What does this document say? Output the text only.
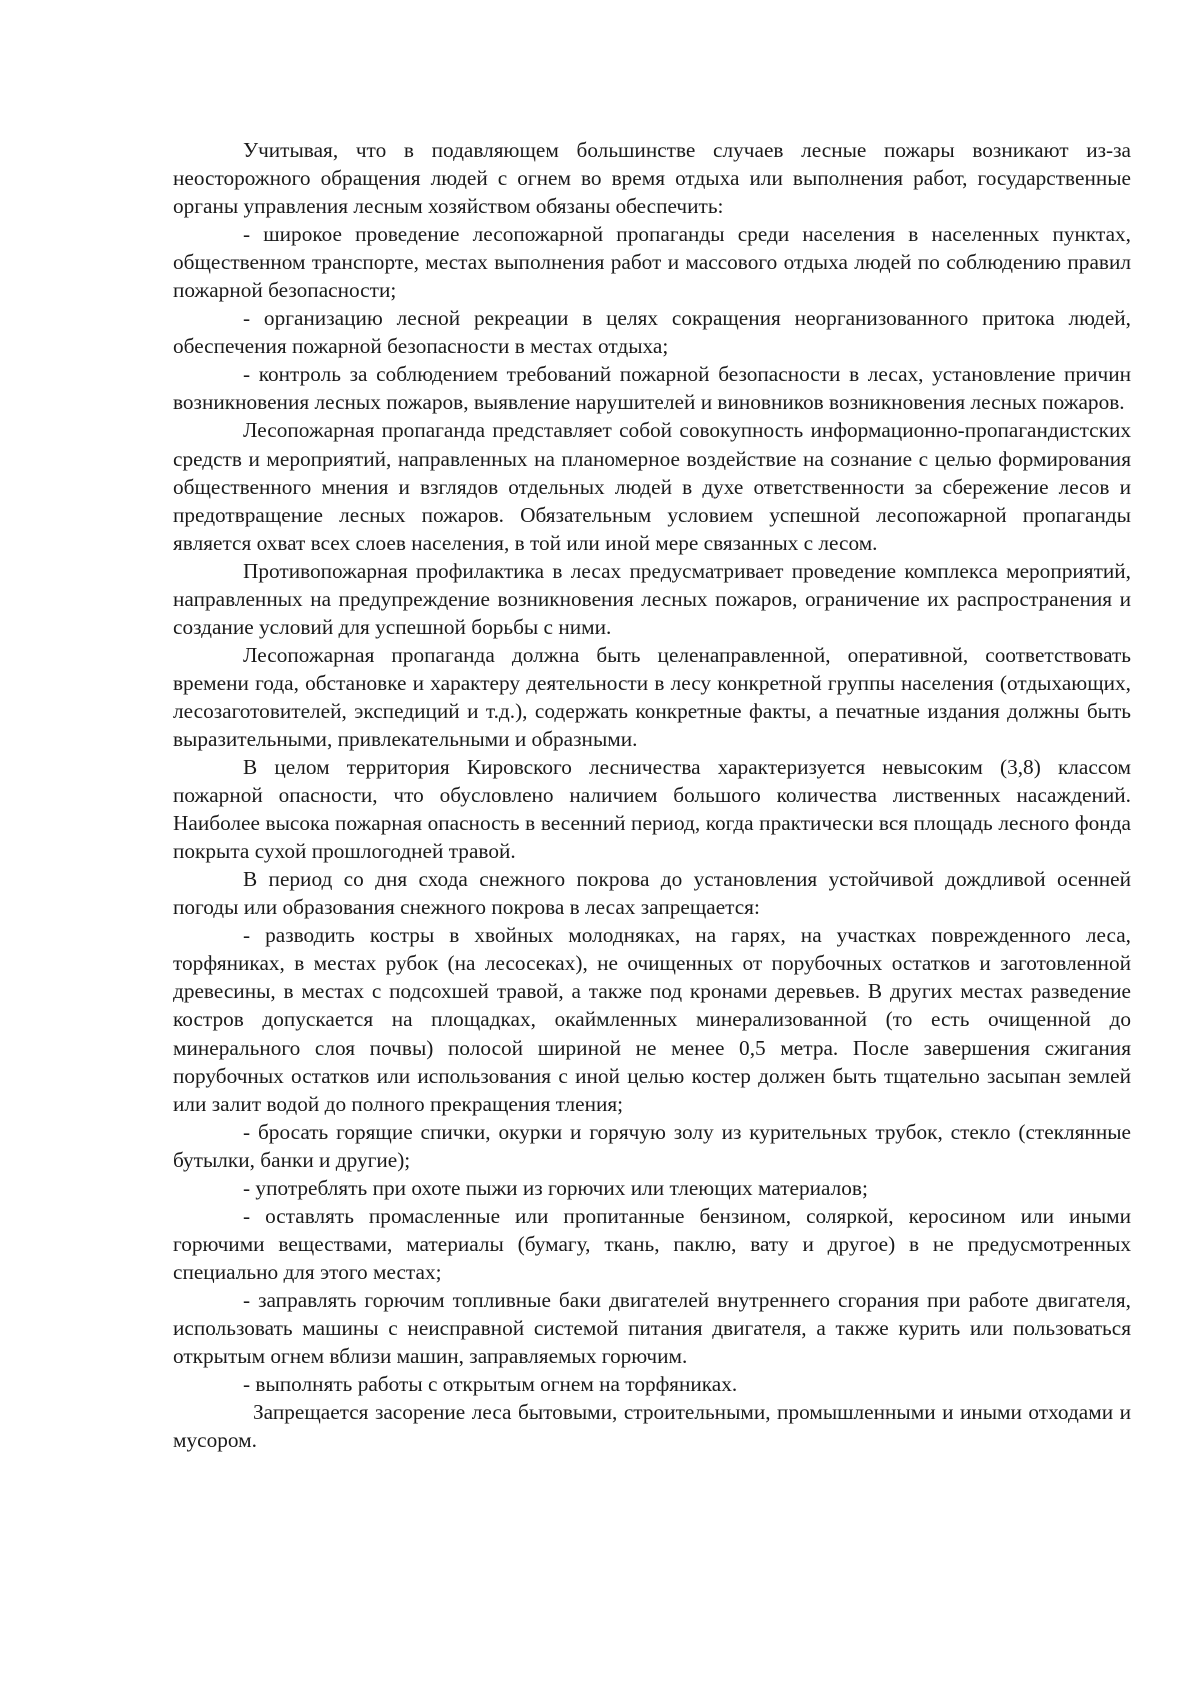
Учитывая, что в подавляющем большинстве случаев лесные пожары возникают из-за неосторожного обращения людей с огнем во время отдыха или выполнения работ, государственные органы управления лесным хозяйством обязаны обеспечить:

- широкое проведение лесопожарной пропаганды среди населения в населенных пунктах, общественном транспорте, местах выполнения работ и массового отдыха людей по соблюдению правил пожарной безопасности;

- организацию лесной рекреации в целях сокращения неорганизованного притока людей, обеспечения пожарной безопасности в местах отдыха;

- контроль за соблюдением требований пожарной безопасности в лесах, установление причин возникновения лесных пожаров, выявление нарушителей и виновников возникновения лесных пожаров.

Лесопожарная пропаганда представляет собой совокупность информационно-пропагандистских средств и мероприятий, направленных на планомерное воздействие на сознание с целью формирования общественного мнения и взглядов отдельных людей в духе ответственности за сбережение лесов и предотвращение лесных пожаров. Обязательным условием успешной лесопожарной пропаганды является охват всех слоев населения, в той или иной мере связанных с лесом.

Противопожарная профилактика в лесах предусматривает проведение комплекса мероприятий, направленных на предупреждение возникновения лесных пожаров, ограничение их распространения и создание условий для успешной борьбы с ними.

Лесопожарная пропаганда должна быть целенаправленной, оперативной, соответствовать времени года, обстановке и характеру деятельности в лесу конкретной группы населения (отдыхающих, лесозаготовителей, экспедиций и т.д.), содержать конкретные факты, а печатные издания должны быть выразительными, привлекательными и образными.

В целом территория Кировского лесничества характеризуется невысоким (3,8) классом пожарной опасности, что обусловлено наличием большого количества лиственных насаждений. Наиболее высока пожарная опасность в весенний период, когда практически вся площадь лесного фонда покрыта сухой прошлогодней травой.

В период со дня схода снежного покрова до установления устойчивой дождливой осенней погоды или образования снежного покрова в лесах запрещается:

- разводить костры в хвойных молодняках, на гарях, на участках поврежденного леса, торфяниках, в местах рубок (на лесосеках), не очищенных от порубочных остатков и заготовленной древесины, в местах с подсохшей травой, а также под кронами деревьев. В других местах разведение костров допускается на площадках, окаймленных минерализованной (то есть очищенной до минерального слоя почвы) полосой шириной не менее 0,5 метра. После завершения сжигания порубочных остатков или использования с иной целью костер должен быть тщательно засыпан землей или залит водой до полного прекращения тления;

- бросать горящие спички, окурки и горячую золу из курительных трубок, стекло (стеклянные бутылки, банки и другие);

- употреблять при охоте пыжи из горючих или тлеющих материалов;

- оставлять промасленные или пропитанные бензином, соляркой, керосином или иными горючими веществами, материалы (бумагу, ткань, паклю, вату и другое) в не предусмотренных специально для этого местах;

- заправлять горючим топливные баки двигателей внутреннего сгорания при работе двигателя, использовать машины с неисправной системой питания двигателя, а также курить или пользоваться открытым огнем вблизи машин, заправляемых горючим.

- выполнять работы с открытым огнем на торфяниках.

Запрещается засорение леса бытовыми, строительными, промышленными и иными отходами и мусором.
